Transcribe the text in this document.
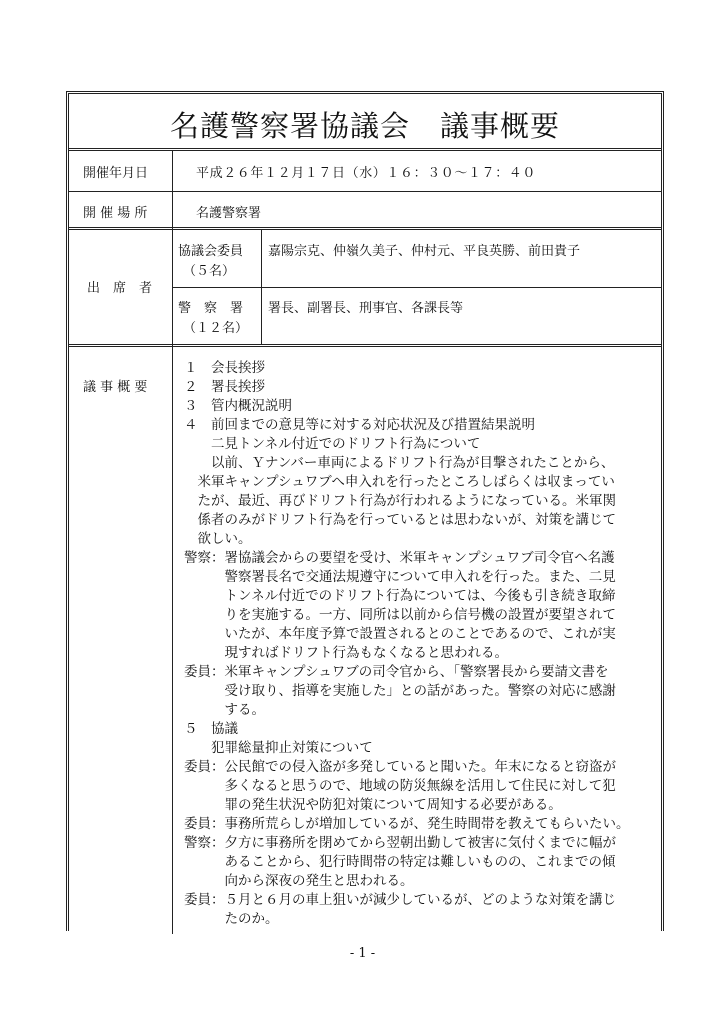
名護警察署協議会　議事概要
開催年月日	平成２６年１２月１７日（水）１６：３０～１７：４０
開 催 場 所	名護警察署
出　席　者
協議会委員
（５名）
嘉陽宗克、仲嶺久美子、仲村元、平良英勝、前田貴子
警　察　署
（１２名）
署長、副署長、刑事官、各課長等
議 事 概 要
１　会長挨拶
２　署長挨拶
３　管内概況説明
４　前回までの意見等に対する対応状況及び措置結果説明
　　二見トンネル付近でのドリフト行為について
　　以前、Ｙナンバー車両によるドリフト行為が目撃されたことから、
　米軍キャンプシュワブへ申入れを行ったところしばらくは収まってい
　たが、最近、再びドリフト行為が行われるようになっている。米軍関
　係者のみがドリフト行為を行っているとは思わないが、対策を講じて
　欲しい。
警察：署協議会からの要望を受け、米軍キャンプシュワブ司令官へ名護
　　　警察署長名で交通法規遵守について申入れを行った。また、二見
　　　トンネル付近でのドリフト行為については、今後も引き続き取締
　　　りを実施する。一方、同所は以前から信号機の設置が要望されて
　　　いたが、本年度予算で設置されるとのことであるので、これが実
　　　現すればドリフト行為もなくなると思われる。
委員：米軍キャンプシュワブの司令官から、「警察署長から要請文書を
　　　受け取り、指導を実施した」との話があった。警察の対応に感謝
　　　する。
５　協議
　　犯罪総量抑止対策について
委員：公民館での侵入盗が多発していると聞いた。年末になると窃盗が
　　　多くなると思うので、地域の防災無線を活用して住民に対して犯
　　　罪の発生状況や防犯対策について周知する必要がある。
委員：事務所荒らしが増加しているが、発生時間帯を教えてもらいたい。
警察：夕方に事務所を閉めてから翌朝出勤して被害に気付くまでに幅が
　　　あることから、犯行時間帯の特定は難しいものの、これまでの傾
　　　向から深夜の発生と思われる。
委員：５月と６月の車上狙いが減少しているが、どのような対策を講じ
　　　たのか。
- 1 -
